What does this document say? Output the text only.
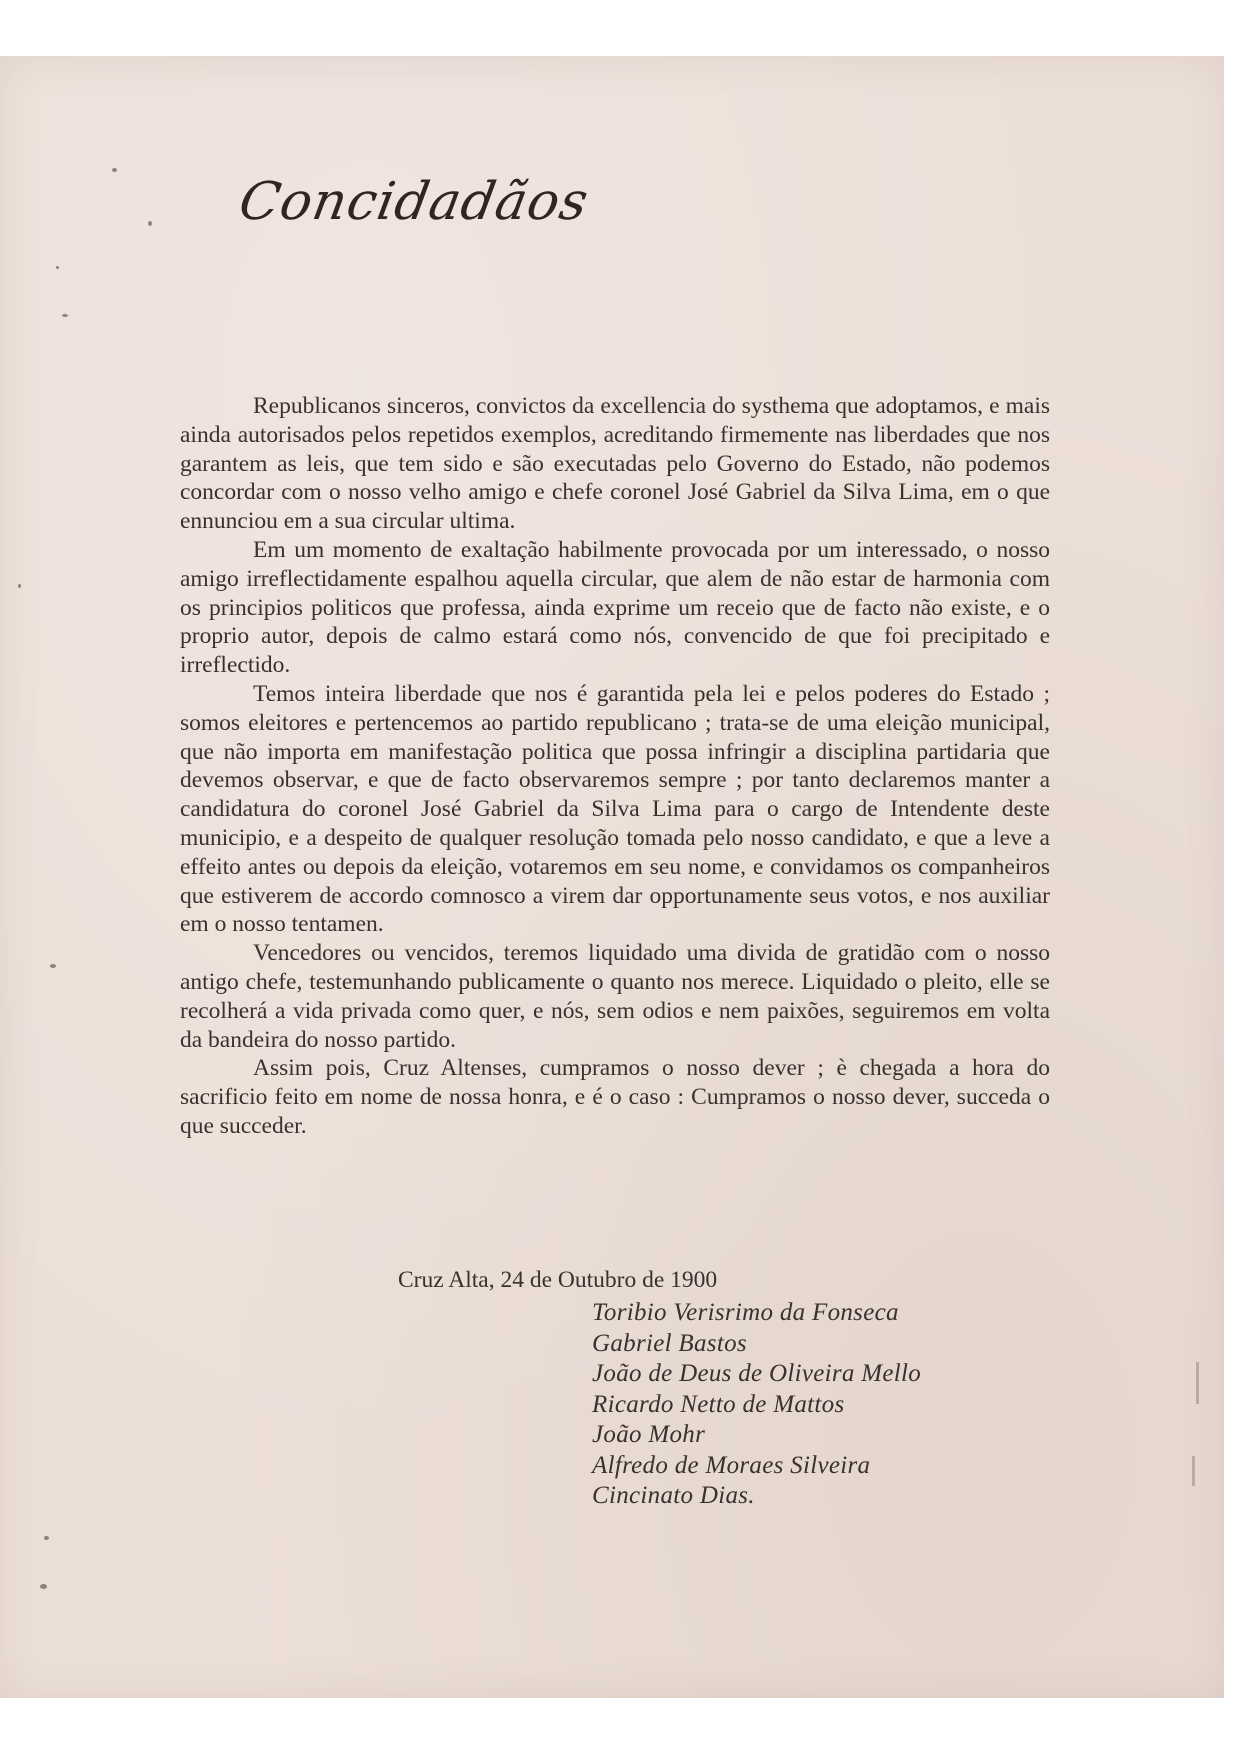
Concidadãos

Republicanos sinceros, convictos da excellencia do systhema que adoptamos, e mais ainda autorisados pelos repetidos exemplos, acreditando firmemente nas liberdades que nos garantem as leis, que tem sido e são executadas pelo Governo do Estado, não podemos concordar com o nosso velho amigo e chefe coronel José Gabriel da Silva Lima, em o que ennunciou em a sua circular ultima.

Em um momento de exaltação habilmente provocada por um interessado, o nosso amigo irreflectidamente espalhou aquella circular, que alem de não estar de harmonia com os principios politicos que professa, ainda exprime um receio que de facto não existe, e o proprio autor, depois de calmo estará como nós, convencido de que foi precipitado e irreflectido.

Temos inteira liberdade que nos é garantida pela lei e pelos poderes do Estado ; somos eleitores e pertencemos ao partido republicano ; trata-se de uma eleição municipal, que não importa em manifestação politica que possa infringir a disciplina partidaria que devemos observar, e que de facto observaremos sempre ; por tanto declaremos manter a candidatura do coronel José Gabriel da Silva Lima para o cargo de Intendente deste municipio, e a despeito de qualquer resolução tomada pelo nosso candidato, e que a leve a effeito antes ou depois da eleição, votaremos em seu nome, e convidamos os companheiros que estiverem de accordo comnosco a virem dar opportunamente seus votos, e nos auxiliar em o nosso tentamen.

Vencedores ou vencidos, teremos liquidado uma divida de gratidão com o nosso antigo chefe, testemunhando publicamente o quanto nos merece. Liquidado o pleito, elle se recolherá a vida privada como quer, e nós, sem odios e nem paixões, seguiremos em volta da bandeira do nosso partido.

Assim pois, Cruz Altenses, cumpramos o nosso dever ; è chegada a hora do sacrificio feito em nome de nossa honra, e é o caso : Cumpramos o nosso dever, succeda o que succeder.

Cruz Alta, 24 de Outubro de 1900

Toribio Verisrimo da Fonseca
Gabriel Bastos
João de Deus de Oliveira Mello
Ricardo Netto de Mattos
João Mohr
Alfredo de Moraes Silveira
Cincinato Dias.
